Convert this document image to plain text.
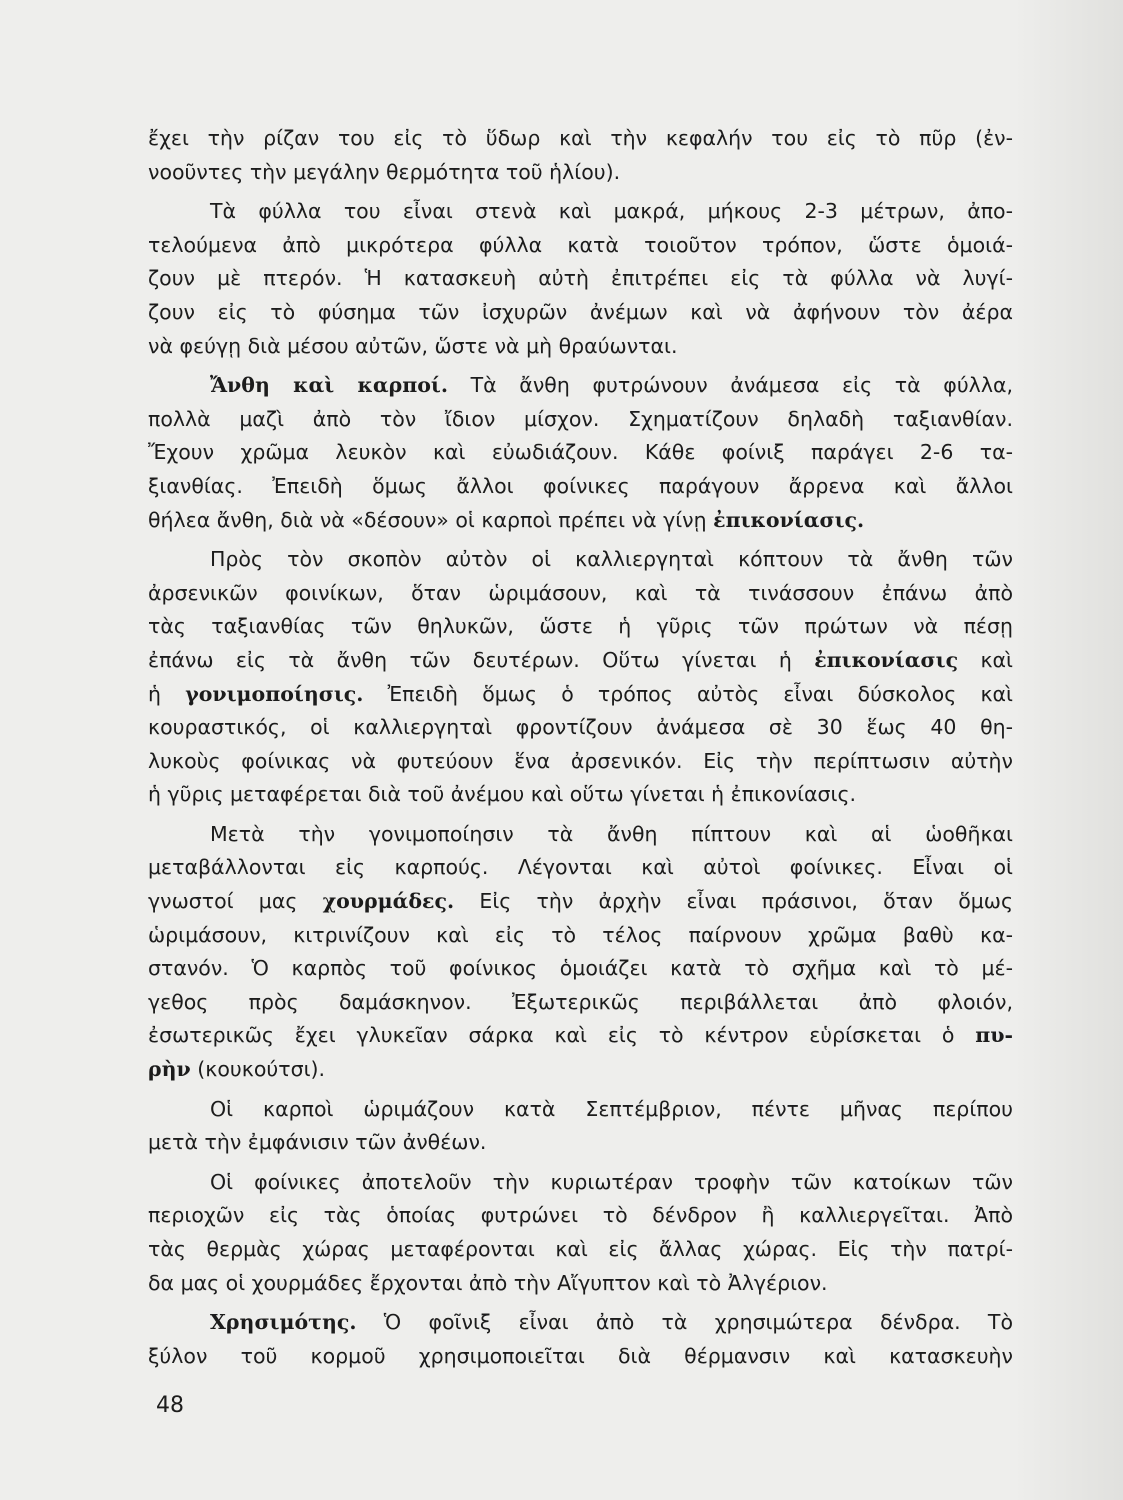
ἔχει τὴν ρίζαν του εἰς τὸ ὕδωρ καὶ τὴν κεφαλήν του εἰς τὸ πῦρ (ἐν-
νοοῦντες τὴν μεγάλην θερμότητα τοῦ ἡλίου).
Τὰ φύλλα του εἶναι στενὰ καὶ μακρά, μήκους 2-3 μέτρων, ἀπο-
τελούμενα ἀπὸ μικρότερα φύλλα κατὰ τοιοῦτον τρόπον, ὥστε ὁμοιά-
ζουν μὲ πτερόν. Ἡ κατασκευὴ αὐτὴ ἐπιτρέπει εἰς τὰ φύλλα νὰ λυγί-
ζουν εἰς τὸ φύσημα τῶν ἰσχυρῶν ἀνέμων καὶ νὰ ἀφήνουν τὸν ἀέρα
νὰ φεύγῃ διὰ μέσου αὐτῶν, ὥστε νὰ μὴ θραύωνται.
Ἄνθη καὶ καρποί. Τὰ ἄνθη φυτρώνουν ἀνάμεσα εἰς τὰ φύλλα,
πολλὰ μαζὶ ἀπὸ τὸν ἴδιον μίσχον. Σχηματίζουν δηλαδὴ ταξιανθίαν.
Ἔχουν χρῶμα λευκὸν καὶ εὐωδιάζουν. Κάθε φοίνιξ παράγει 2-6 τα-
ξιανθίας. Ἐπειδὴ ὅμως ἄλλοι φοίνικες παράγουν ἄρρενα καὶ ἄλλοι
θήλεα ἄνθη, διὰ νὰ «δέσουν» οἱ καρποὶ πρέπει νὰ γίνῃ ἐπικονίασις.
Πρὸς τὸν σκοπὸν αὐτὸν οἱ καλλιεργηταὶ κόπτουν τὰ ἄνθη τῶν
ἀρσενικῶν φοινίκων, ὅταν ὡριμάσουν, καὶ τὰ τινάσσουν ἐπάνω ἀπὸ
τὰς ταξιανθίας τῶν θηλυκῶν, ὥστε ἡ γῦρις τῶν πρώτων νὰ πέσῃ
ἐπάνω εἰς τὰ ἄνθη τῶν δευτέρων. Οὕτω γίνεται ἡ ἐπικονίασις καὶ
ἡ γονιμοποίησις. Ἐπειδὴ ὅμως ὁ τρόπος αὐτὸς εἶναι δύσκολος καὶ
κουραστικός, οἱ καλλιεργηταὶ φροντίζουν ἀνάμεσα σὲ 30 ἕως 40 θη-
λυκοὺς φοίνικας νὰ φυτεύουν ἕνα ἀρσενικόν. Εἰς τὴν περίπτωσιν αὐτὴν
ἡ γῦρις μεταφέρεται διὰ τοῦ ἀνέμου καὶ οὕτω γίνεται ἡ ἐπικονίασις.
Μετὰ τὴν γονιμοποίησιν τὰ ἄνθη πίπτουν καὶ αἱ ὡοθῆκαι
μεταβάλλονται εἰς καρπούς. Λέγονται καὶ αὐτοὶ φοίνικες. Εἶναι οἱ
γνωστοί μας χουρμάδες. Εἰς τὴν ἀρχὴν εἶναι πράσινοι, ὅταν ὅμως
ὡριμάσουν, κιτρινίζουν καὶ εἰς τὸ τέλος παίρνουν χρῶμα βαθὺ κα-
στανόν. Ὁ καρπὸς τοῦ φοίνικος ὁμοιάζει κατὰ τὸ σχῆμα καὶ τὸ μέ-
γεθος πρὸς δαμάσκηνον. Ἐξωτερικῶς περιβάλλεται ἀπὸ φλοιόν,
ἐσωτερικῶς ἔχει γλυκεῖαν σάρκα καὶ εἰς τὸ κέντρον εὑρίσκεται ὁ πυ-
ρὴν (κουκούτσι).
Οἱ καρποὶ ὡριμάζουν κατὰ Σεπτέμβριον, πέντε μῆνας περίπου
μετὰ τὴν ἐμφάνισιν τῶν ἀνθέων.
Οἱ φοίνικες ἀποτελοῦν τὴν κυριωτέραν τροφὴν τῶν κατοίκων τῶν
περιοχῶν εἰς τὰς ὁποίας φυτρώνει τὸ δένδρον ἢ καλλιεργεῖται. Ἀπὸ
τὰς θερμὰς χώρας μεταφέρονται καὶ εἰς ἄλλας χώρας. Εἰς τὴν πατρί-
δα μας οἱ χουρμάδες ἔρχονται ἀπὸ τὴν Αἴγυπτον καὶ τὸ Ἀλγέριον.
Χρησιμότης. Ὁ φοῖνιξ εἶναι ἀπὸ τὰ χρησιμώτερα δένδρα. Τὸ
ξύλον τοῦ κορμοῦ χρησιμοποιεῖται διὰ θέρμανσιν καὶ κατασκευὴν
48
